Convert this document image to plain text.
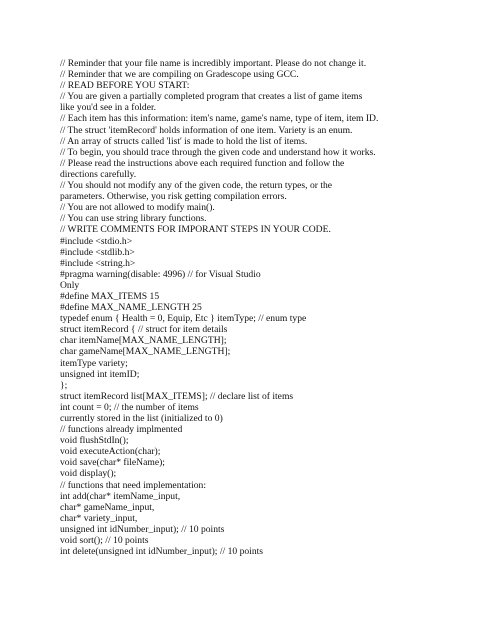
// Reminder that your file name is incredibly important. Please do not change it.
// Reminder that we are compiling on Gradescope using GCC.
// READ BEFORE YOU START:
// You are given a partially completed program that creates a list of game items
like you'd see in a folder.
// Each item has this information: item's name, game's name, type of item, item ID.
// The struct 'itemRecord' holds information of one item. Variety is an enum.
// An array of structs called 'list' is made to hold the list of items.
// To begin, you should trace through the given code and understand how it works.
// Please read the instructions above each required function and follow the
directions carefully.
// You should not modify any of the given code, the return types, or the
parameters. Otherwise, you risk getting compilation errors.
// You are not allowed to modify main().
// You can use string library functions.
// WRITE COMMENTS FOR IMPORANT STEPS IN YOUR CODE.
#include <stdio.h>
#include <stdlib.h>
#include <string.h>
#pragma warning(disable: 4996) // for Visual Studio
Only
#define MAX_ITEMS 15
#define MAX_NAME_LENGTH 25
typedef enum { Health = 0, Equip, Etc } itemType; // enum type
struct itemRecord { // struct for item details
char itemName[MAX_NAME_LENGTH];
char gameName[MAX_NAME_LENGTH];
itemType variety;
unsigned int itemID;
};
struct itemRecord list[MAX_ITEMS]; // declare list of items
int count = 0; // the number of items
currently stored in the list (initialized to 0)
// functions already implmented
void flushStdIn();
void executeAction(char);
void save(char* fileName);
void display();
// functions that need implementation:
int add(char* itemName_input,
char* gameName_input,
char* variety_input,
unsigned int idNumber_input); // 10 points
void sort(); // 10 points
int delete(unsigned int idNumber_input); // 10 points
